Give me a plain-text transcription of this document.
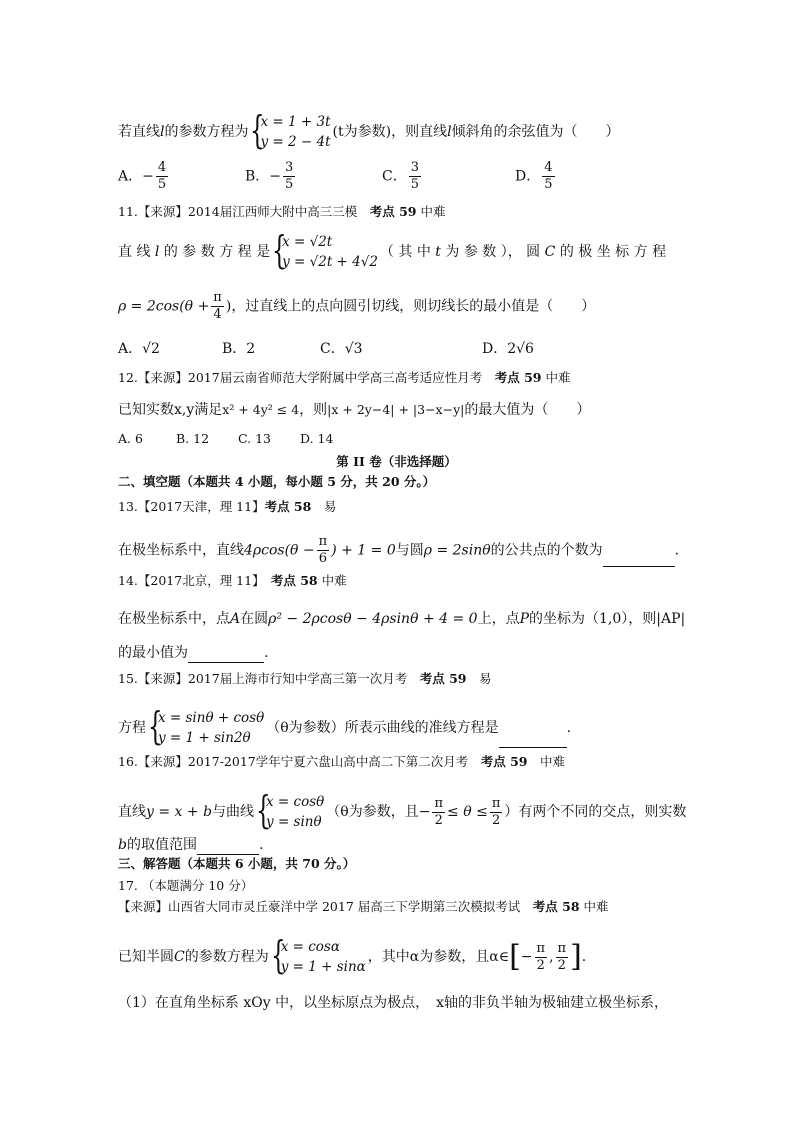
若直线l的参数方程为 {
x = 1 + 3t
y = 2 − 4t
(t为参数)，则直线l倾斜角的余弦值为（　　）
A．− $\frac{4}{5}$	B．− $\frac{3}{5}$	C． $\frac{3}{5}$	D． $\frac{4}{5}$
11.【来源】2014届江西师大附中高三三模　 考点 59 中难
直 线 l 的 参 数 方 程 是 {
x = √2t
y = √2t + 4√2
（ 其 中 t 为 参 数 ）， 圆 C 的 极 坐 标 方 程
$\rho = 2\cos(\theta + \frac{\pi}{4}$ )，过直线上的点向圆引切线，则切线长的最小值是（　　）
A．√2	B．2	C．√3	D．2√6
12.【来源】2017届云南省师范大学附属中学高三高考适应性月考　 考点 59 中难
已知实数x,y满足x² + 4y² ≤ 4，则|x + 2y−4| + |3−x−y|的最大值为（　　）
A. 6	B. 12 C. 13 D. 14
第 II 卷（非选择题）
二、填空题（本题共 4 小题，每小题 5 分，共 20 分。）
13.【2017天津，理 11】考点 58　 易
在极坐标系中，直线$4\rho\cos(\theta - \frac{\pi}{6}$ ) + 1 = 0与圆ρ = 2sinθ的公共点的个数为	.
14.【2017北京，理 11】　 考点 58 中难
在极坐标系中，点A在圆ρ² − 2ρcosθ − 4ρsinθ + 4 = 0上，点P的坐标为（1,0），则|AP|
的最小值为	.
15.【来源】2017届上海市行知中学高三第一次月考　 考点 59　 易
方程 {
x = sinθ + cosθ
y = 1 + sin2θ
（θ为参数）所表示曲线的准线方程是	.
16.【来源】2017-2017学年宁夏六盘山高中高二下第二次月考　 考点 59　 中难
直线y = x + b与曲线 {
x = cosθ
y = sinθ
（θ为参数，且− $\frac{\pi}{2} \le \theta \le \frac{\pi}{2}$ ）有两个不同的交点，则实数
b的取值范围	.
三、解答题（本题共 6 小题，共 70 分。）
17. （本题满分 10 分）
【来源】山西省大同市灵丘豪洋中学 2017 届高三下学期第三次模拟考试　 考点 58 中难
已知半圆C的参数方程为 {
x = cosα
y = 1 + sinα
，其中α为参数，且α∈[− $\frac{\pi}{2}$ , $\frac{\pi}{2}$ ].
（1）在直角坐标系 xOy 中，以坐标原点为极点，　x轴的非负半轴为极轴建立极坐标系，
